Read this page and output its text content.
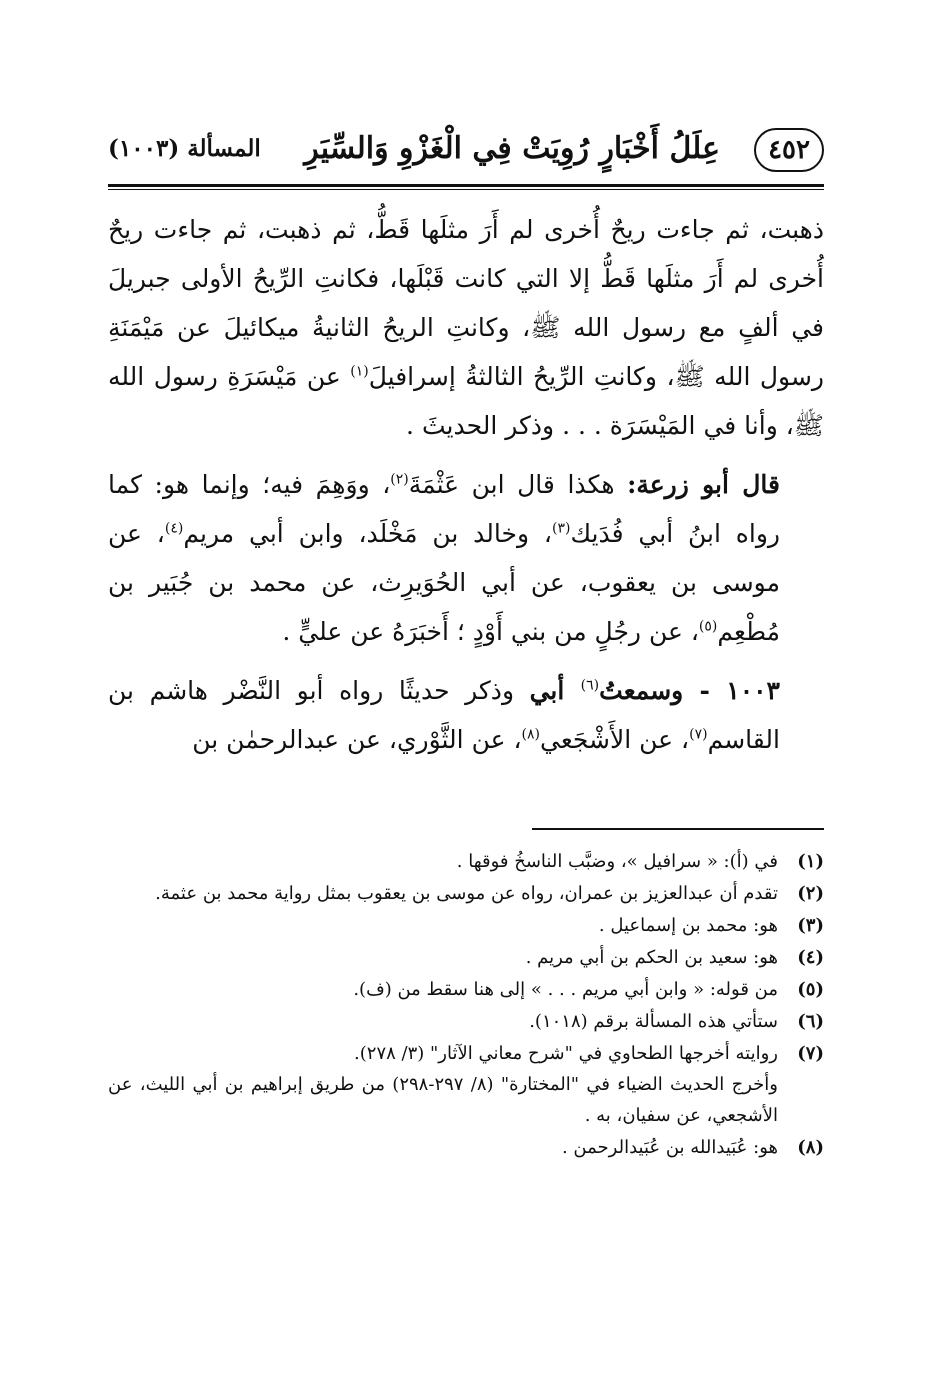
٤٥٢
عِلَلُ أَخْبَارٍ رُوِيَتْ فِي الْغَزْوِ وَالسِّيَرِ
المسألة (١٠٠٣)

ذهبت، ثم جاءت ريحٌ أُخرى لم أَرَ مثلَها قَطُّ، ثم ذهبت، ثم جاءت ريحٌ أُخرى لم أَرَ مثلَها قَطُّ إلا التي كانت قَبْلَها، فكانتِ الرِّيحُ الأولى جبريلَ في ألفٍ مع رسول الله ﷺ، وكانتِ الريحُ الثانيةُ ميكائيلَ عن مَيْمَنَةِ رسول الله ﷺ، وكانتِ الرِّيحُ الثالثةُ إسرافيلَ$^{(١)}$ عن مَيْسَرَةِ رسول الله ﷺ، وأنا في المَيْسَرَة . . . وذكر الحديثَ .

قال أبو زرعة: هكذا قال ابن عَثْمَةَ$^{(٢)}$، ووَهِمَ فيه؛ وإنما هو: كما رواه ابنُ أبي فُدَيك$^{(٣)}$، وخالد بن مَخْلَد، وابن أبي مريم$^{(٤)}$، عن موسى بن يعقوب، عن أبي الحُوَيرِث، عن محمد بن جُبَير بن مُطْعِم$^{(٥)}$، عن رجُلٍ من بني أَوْدٍ ؛ أَخبَرَهُ عن عليٍّ .

١٠٠٣ - وسمعتُ$^{(٦)}$ أبي وذكر حديثًا رواه أبو النَّضْر هاشم بن القاسم$^{(٧)}$، عن الأَشْجَعي$^{(٨)}$، عن الثَّوْري، عن عبدالرحمٰن بن

(١)
في (أ): « سرافيل »، وضبَّب الناسخُ فوقها .
(٢)
تقدم أن عبدالعزيز بن عمران، رواه عن موسى بن يعقوب بمثل رواية محمد بن عثمة.
(٣)
هو: محمد بن إسماعيل .
(٤)
هو: سعيد بن الحكم بن أبي مريم .
(٥)
من قوله: « وابن أبي مريم . . . » إلى هنا سقط من (ف).
(٦)
ستأتي هذه المسألة برقم (١٠١٨).
(٧)
روايته أخرجها الطحاوي في "شرح معاني الآثار" (٣/ ٢٧٨).
وأخرج الحديث الضياء في "المختارة" (٨/ ٢٩٧-٢٩٨) من طريق إبراهيم بن أبي الليث، عن الأشجعي، عن سفيان، به .
(٨)
هو: عُبَيدالله بن عُبَيدالرحمن .
